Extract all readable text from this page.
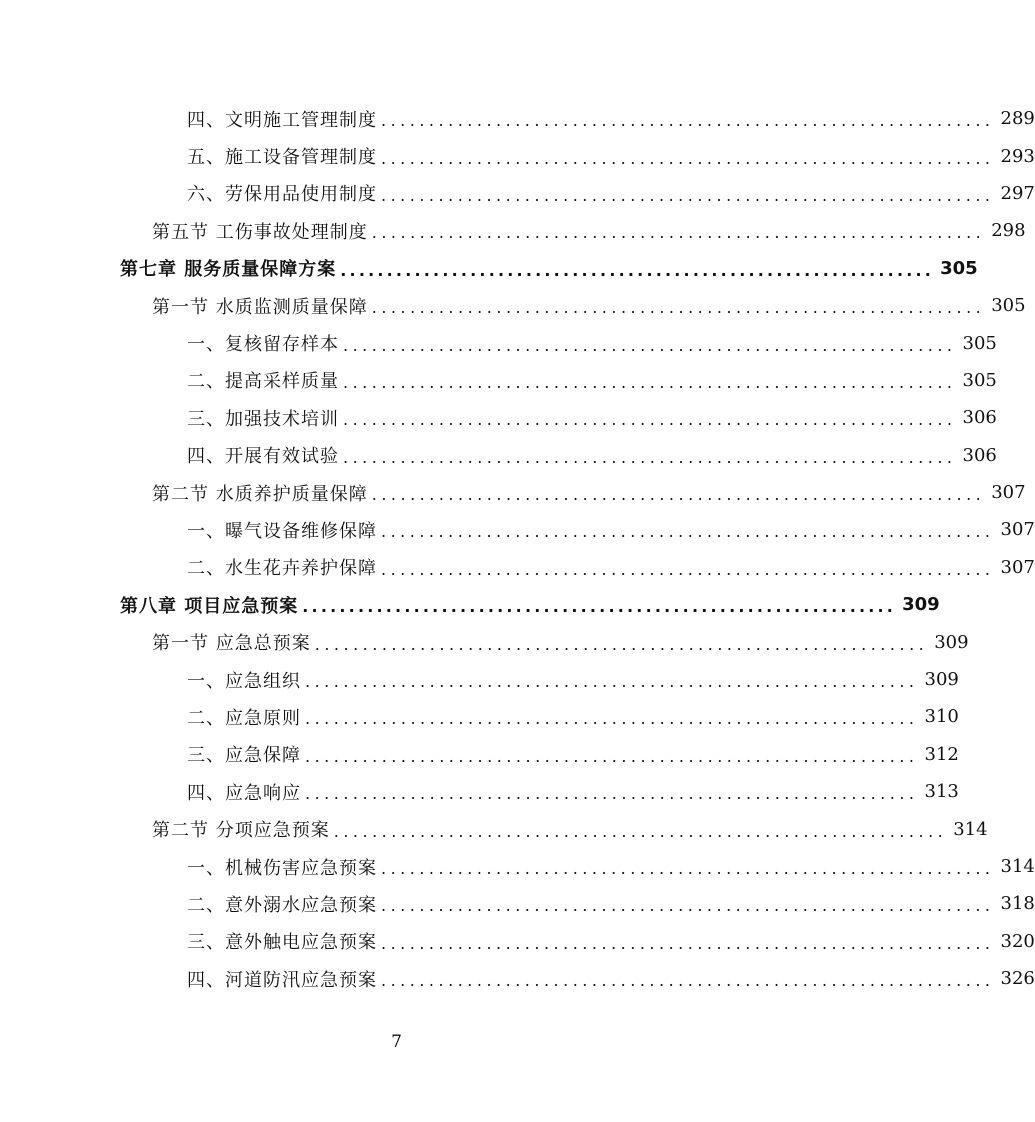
四、文明施工管理制度 ................................................................ 289
五、施工设备管理制度 ................................................................ 293
六、劳保用品使用制度 ................................................................ 297
第五节 工伤事故处理制度 ................................................................ 298
第七章 服务质量保障方案 ................................................................ 305
第一节 水质监测质量保障 ................................................................ 305
一、复核留存样本 ................................................................ 305
二、提高采样质量 ................................................................ 305
三、加强技术培训 ................................................................ 306
四、开展有效试验 ................................................................ 306
第二节 水质养护质量保障 ................................................................ 307
一、曝气设备维修保障 ................................................................ 307
二、水生花卉养护保障 ................................................................ 307
第八章 项目应急预案 ................................................................ 309
第一节 应急总预案 ................................................................ 309
一、应急组织 ................................................................ 309
二、应急原则 ................................................................ 310
三、应急保障 ................................................................ 312
四、应急响应 ................................................................ 313
第二节 分项应急预案 ................................................................ 314
一、机械伤害应急预案 ................................................................ 314
二、意外溺水应急预案 ................................................................ 318
三、意外触电应急预案 ................................................................ 320
四、河道防汛应急预案 ................................................................ 326
7
